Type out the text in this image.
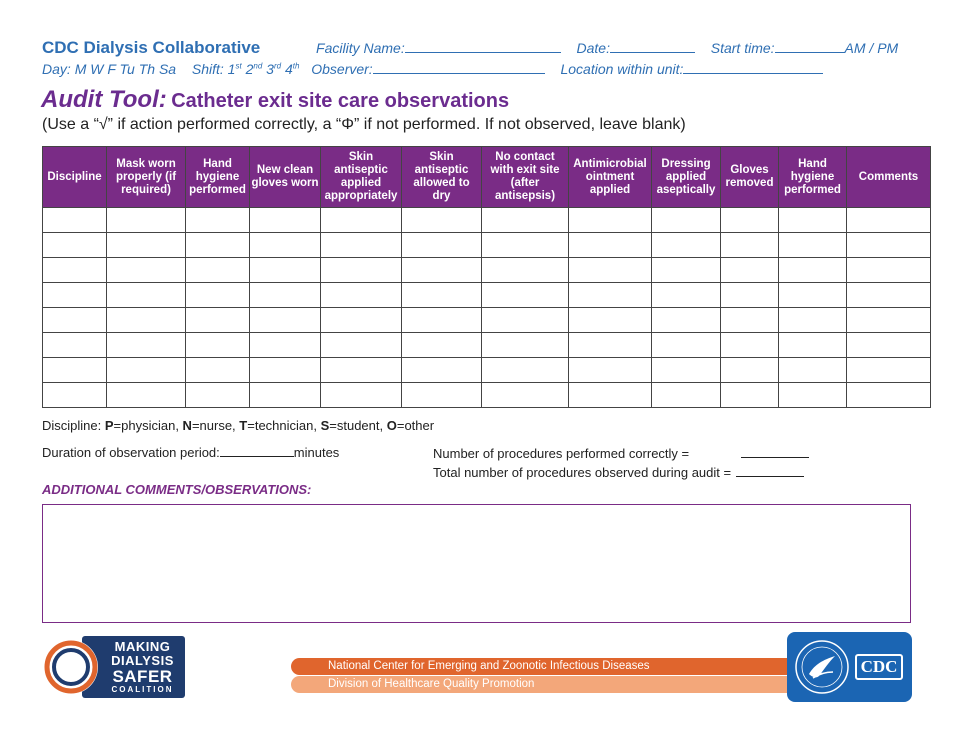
CDC Dialysis Collaborative	Facility Name:	Date:	Start time:	AM / PM
Day: M W F Tu Th Sa Shift: 1st 2nd 3rd 4th Observer:	Location within unit:
Audit Tool: Catheter exit site care observations
(Use a “√” if action performed correctly, a “Φ” if not performed. If not observed, leave blank)
Discipline	Mask worn properly (if required)	Hand hygiene performed	New clean gloves worn	Skin antiseptic applied appropriately	Skin antiseptic allowed to dry	No contact with exit site (after antisepsis)	Antimicrobial ointment applied	Dressing applied aseptically	Gloves removed	Hand hygiene performed	Comments

Discipline: P=physician, N=nurse, T=technician, S=student, O=other
Duration of observation period:	minutes	Number of procedures performed correctly =
Total number of procedures observed during audit =
ADDITIONAL COMMENTS/OBSERVATIONS:
MAKING
DIALYSIS
SAFER
COALITION
National Center for Emerging and Zoonotic Infectious Diseases
Division of Healthcare Quality Promotion
CDC
